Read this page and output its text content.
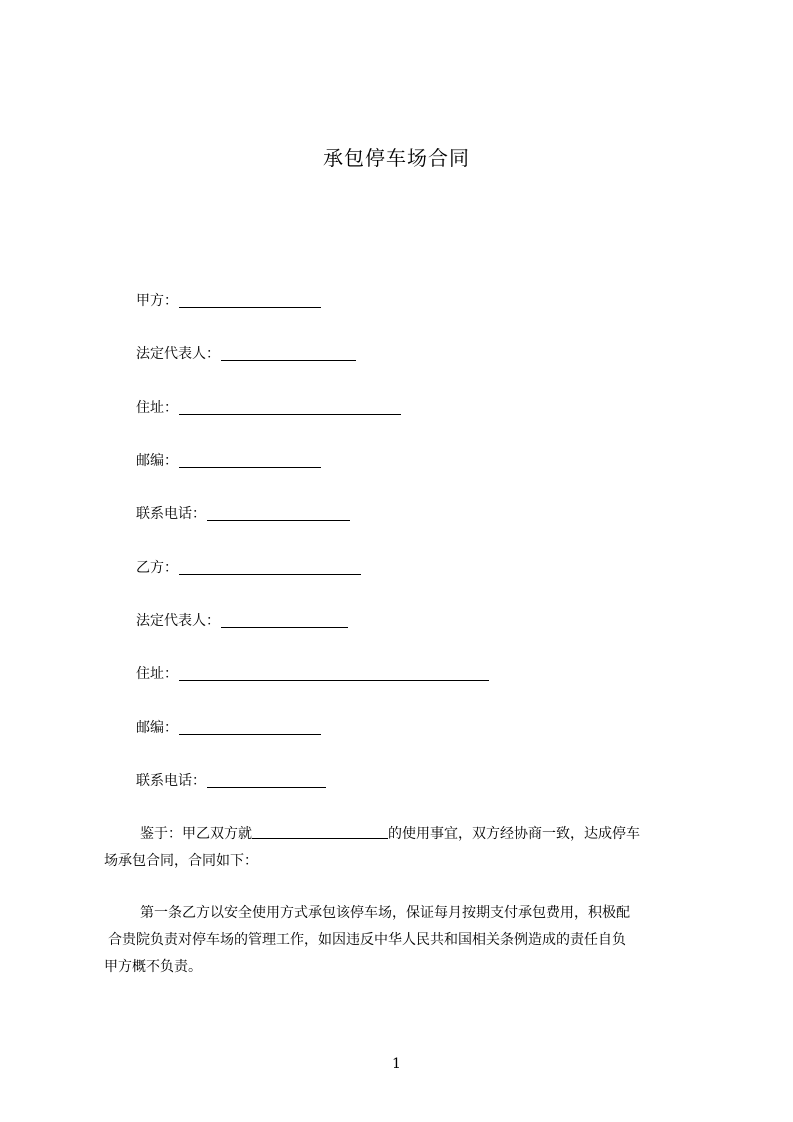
承包停车场合同
甲方：
法定代表人：
住址：
邮编：
联系电话：
乙方：
法定代表人：
住址：
邮编：
联系电话：
鉴于：甲乙双方就	的使用事宜，双方经协商一致，达成停车
场承包合同，合同如下：
第一条乙方以安全使用方式承包该停车场，保证每月按期支付承包费用，积极配
合贵院负责对停车场的管理工作，如因违反中华人民共和国相关条例造成的责任自负
甲方概不负责。
1
